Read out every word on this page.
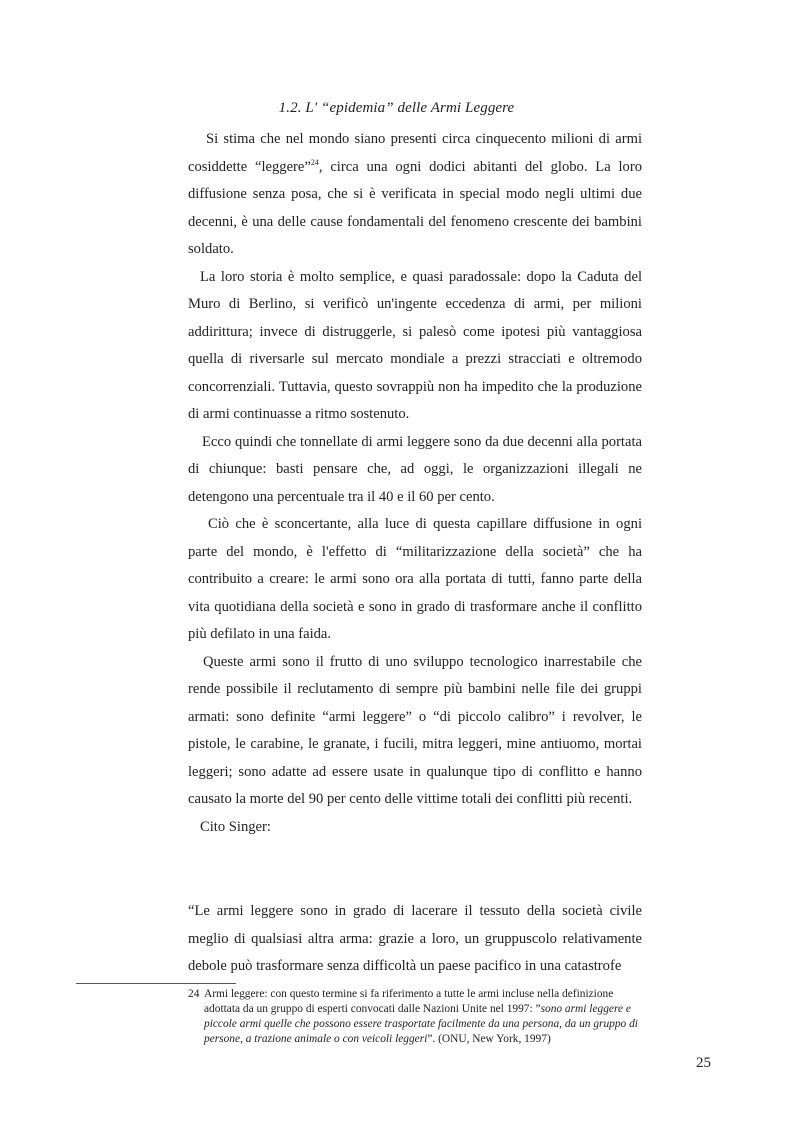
1.2. L' “epidemia” delle Armi Leggere

Si stima che nel mondo siano presenti circa cinquecento milioni di armi cosiddette “leggere”$^{24}$, circa una ogni dodici abitanti del globo. La loro diffusione senza posa, che si è verificata in special modo negli ultimi due decenni, è una delle cause fondamentali del fenomeno crescente dei bambini soldato.

La loro storia è molto semplice, e quasi paradossale: dopo la Caduta del Muro di Berlino, si verificò un'ingente eccedenza di armi, per milioni addirittura; invece di distruggerle, si palesò come ipotesi più vantaggiosa quella di riversarle sul mercato mondiale a prezzi stracciati e oltremodo concorrenziali. Tuttavia, questo sovrappiù non ha impedito che la produzione di armi continuasse a ritmo sostenuto.

Ecco quindi che tonnellate di armi leggere sono da due decenni alla portata di chiunque: basti pensare che, ad oggi, le organizzazioni illegali ne detengono una percentuale tra il 40 e il 60 per cento.

Ciò che è sconcertante, alla luce di questa capillare diffusione in ogni parte del mondo, è l'effetto di “militarizzazione della società” che ha contribuito a creare: le armi sono ora alla portata di tutti, fanno parte della vita quotidiana della società e sono in grado di trasformare anche il conflitto più defilato in una faida.

Queste armi sono il frutto di uno sviluppo tecnologico inarrestabile che rende possibile il reclutamento di sempre più bambini nelle file dei gruppi armati: sono definite “armi leggere” o “di piccolo calibro” i revolver, le pistole, le carabine, le granate, i fucili, mitra leggeri, mine antiuomo, mortai leggeri; sono adatte ad essere usate in qualunque tipo di conflitto e hanno causato la morte del 90 per cento delle vittime totali dei conflitti più recenti.

Cito Singer:

“Le armi leggere sono in grado di lacerare il tessuto della società civile meglio di qualsiasi altra arma: grazie a loro, un gruppuscolo relativamente debole può trasformare senza difficoltà un paese pacifico in una catastrofe
24 Armi leggere: con questo termine si fa riferimento a tutte le armi incluse nella definizione adottata da un gruppo di esperti convocati dalle Nazioni Unite nel 1997: ”sono armi leggere e piccole armi quelle che possono essere trasportate facilmente da una persona, da un gruppo di persone, a trazione animale o con veicoli leggeri”. (ONU, New York, 1997)
25
